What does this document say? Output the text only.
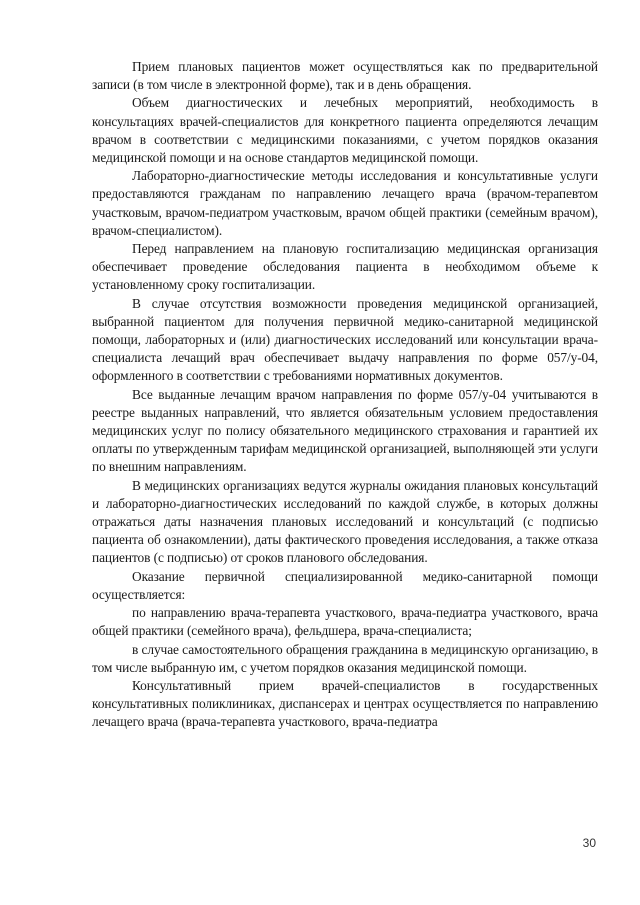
Прием плановых пациентов может осуществляться как по предварительной записи (в том числе в электронной форме), так и в день обращения.

Объем диагностических и лечебных мероприятий, необходимость в консультациях врачей-специалистов для конкретного пациента определяются лечащим врачом в соответствии с медицинскими показаниями, с учетом порядков оказания медицинской помощи и на основе стандартов медицинской помощи.

Лабораторно-диагностические методы исследования и консультативные услуги предоставляются гражданам по направлению лечащего врача (врачом-терапевтом участковым, врачом-педиатром участковым, врачом общей практики (семейным врачом), врачом-специалистом).

Перед направлением на плановую госпитализацию медицинская организация обеспечивает проведение обследования пациента в необходимом объеме к установленному сроку госпитализации.

В случае отсутствия возможности проведения медицинской организацией, выбранной пациентом для получения первичной медико-санитарной медицинской помощи, лабораторных и (или) диагностических исследований или консультации врача-специалиста лечащий врач обеспечивает выдачу направления по форме 057/у-04, оформленного в соответствии с требованиями нормативных документов.

Все выданные лечащим врачом направления по форме 057/у-04 учитываются в реестре выданных направлений, что является обязательным условием предоставления медицинских услуг по полису обязательного медицинского страхования и гарантией их оплаты по утвержденным тарифам медицинской организацией, выполняющей эти услуги по внешним направлениям.

В медицинских организациях ведутся журналы ожидания плановых консультаций и лабораторно-диагностических исследований по каждой службе, в которых должны отражаться даты назначения плановых исследований и консультаций (с подписью пациента об ознакомлении), даты фактического проведения исследования, а также отказа пациентов (с подписью) от сроков планового обследования.

Оказание первичной специализированной медико-санитарной помощи осуществляется:

по направлению врача-терапевта участкового, врача-педиатра участкового, врача общей практики (семейного врача), фельдшера, врача-специалиста;

в случае самостоятельного обращения гражданина в медицинскую организацию, в том числе выбранную им, с учетом порядков оказания медицинской помощи.

Консультативный прием врачей-специалистов в государственных консультативных поликлиниках, диспансерах и центрах осуществляется по направлению лечащего врача (врача-терапевта участкового, врача-педиатра

30
